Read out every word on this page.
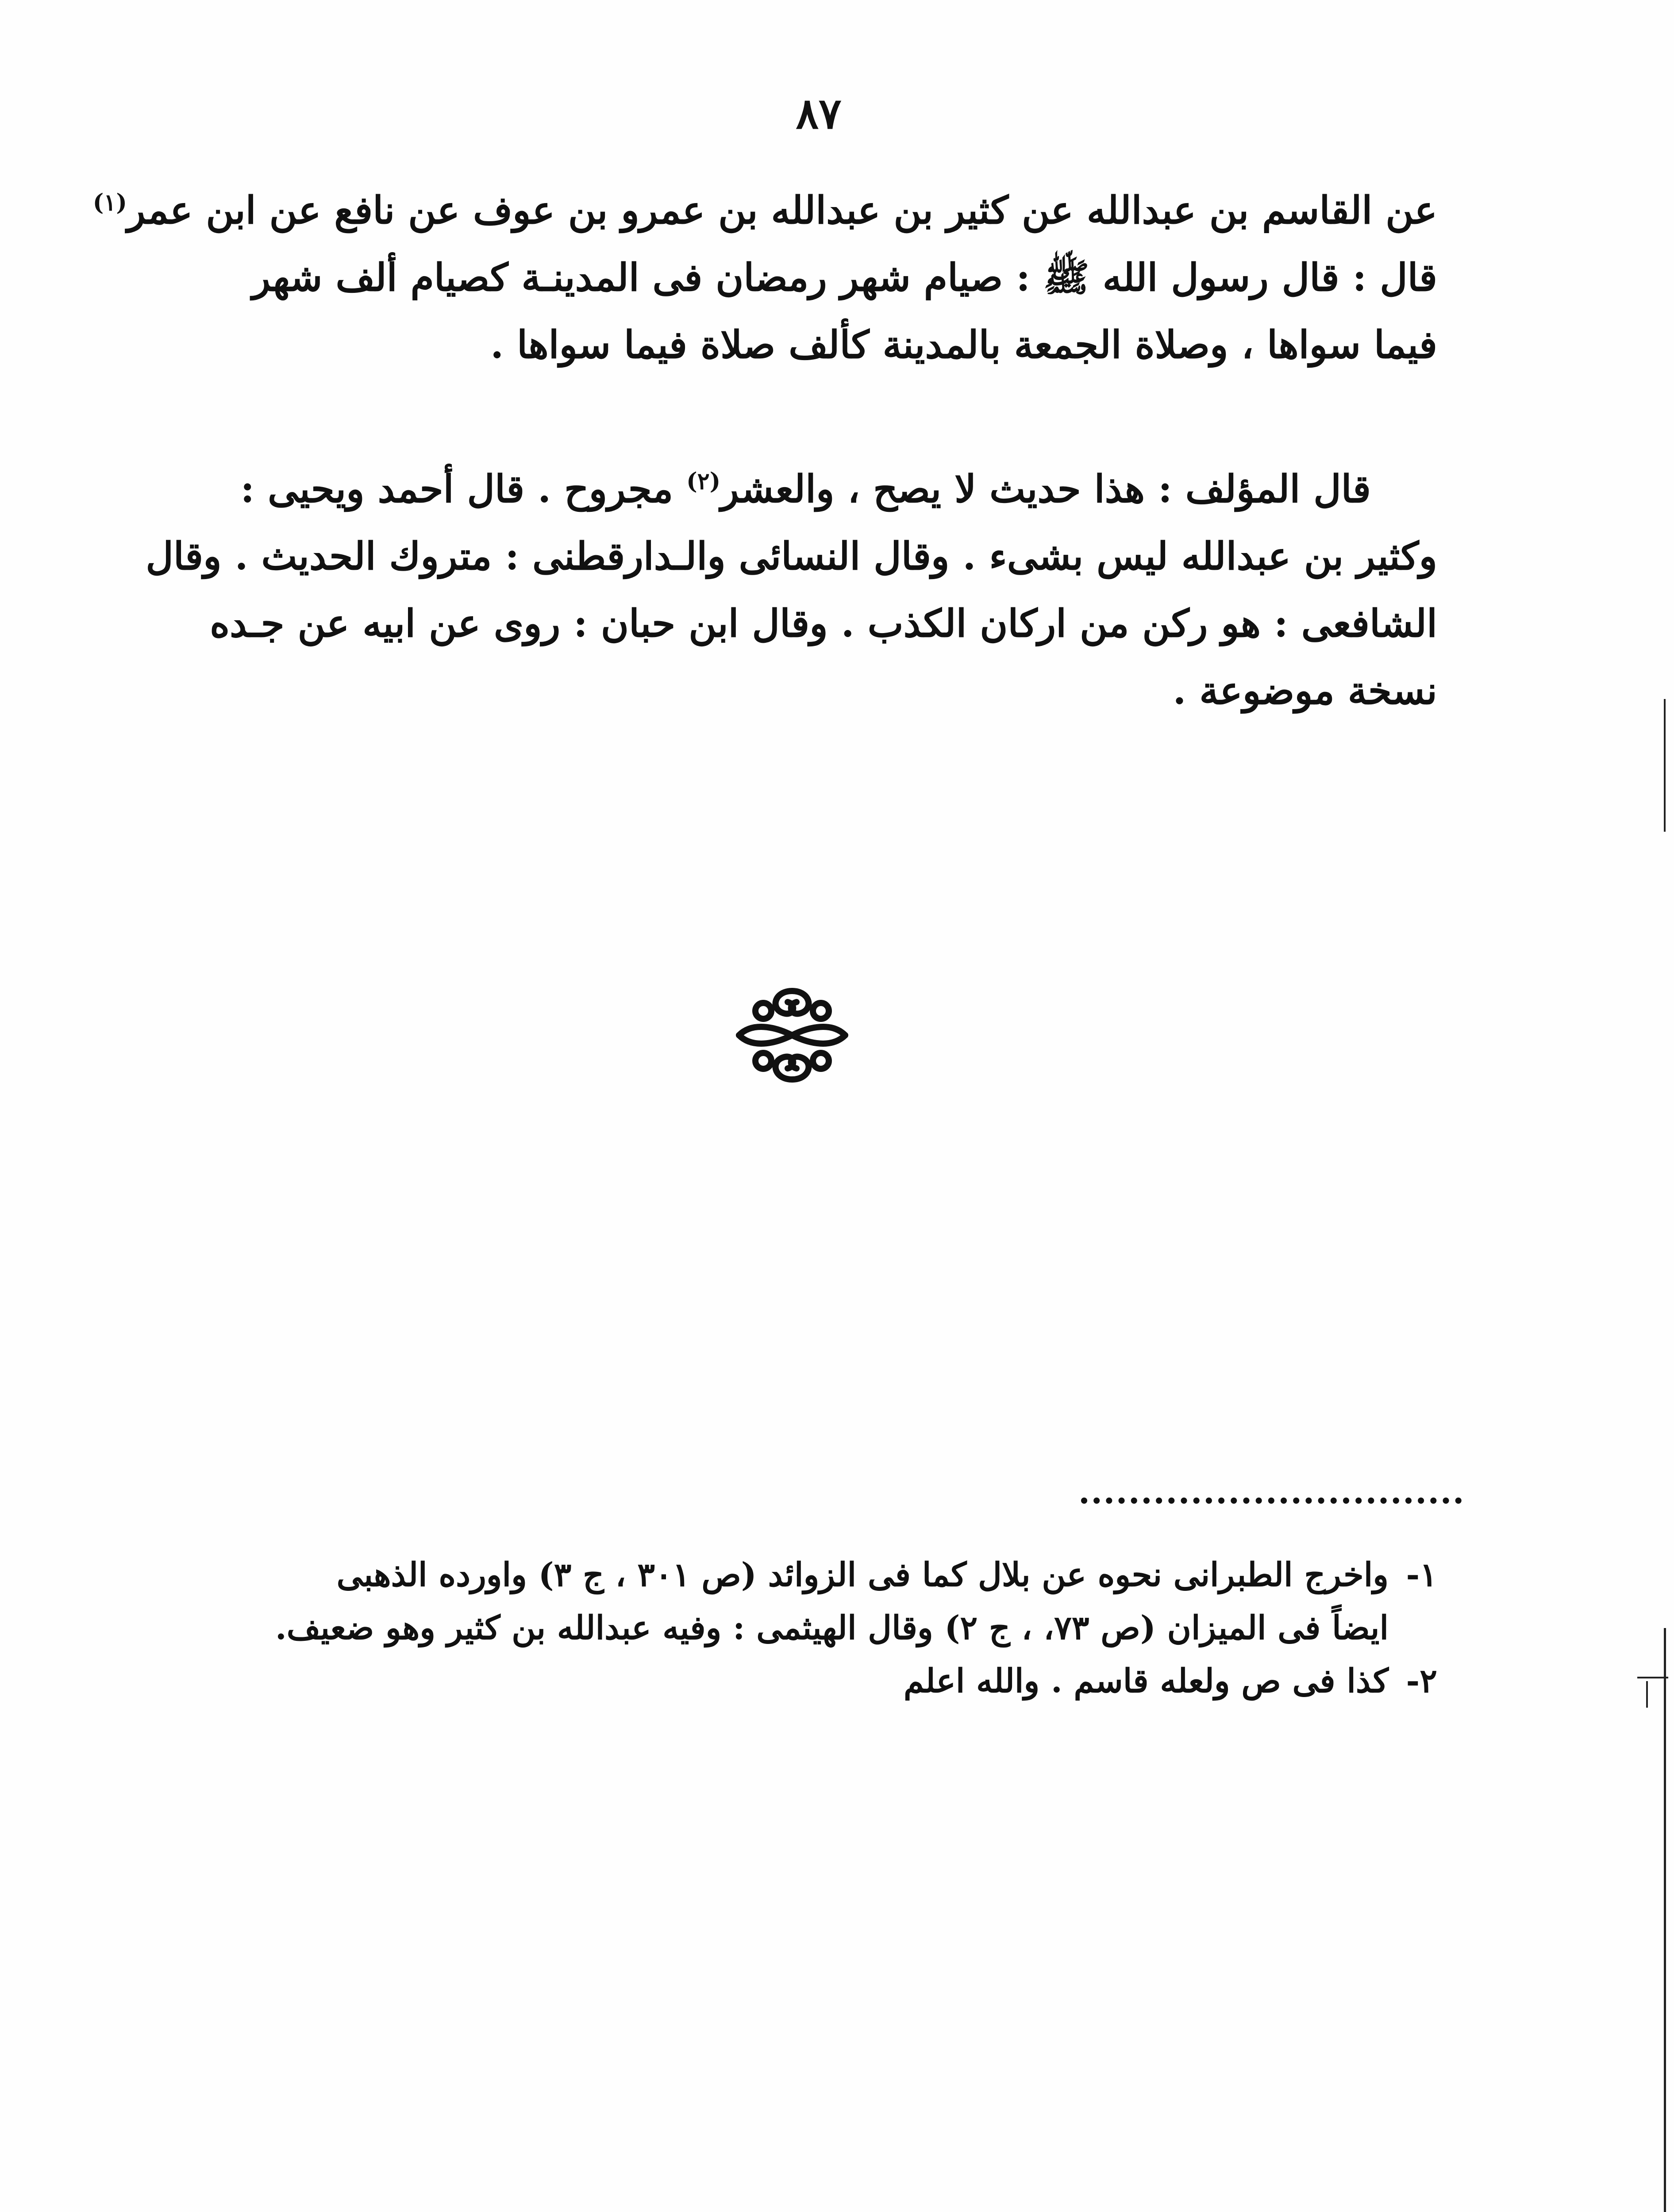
٨٧
عن القاسم بن عبدالله عن كثير بن عبدالله بن عمرو بن عوف عن نافع عن ابن عمر$^{(١)}$
قال : قال رسول الله ﷺ : صيام شهر رمضان فى المدينـة كصيام ألف شهر
فيما سواها ، وصلاة الجمعة بالمدينة كألف صلاة فيما سواها .
قال المؤلف : هذا حديث لا يصح ، والعشر$^{(٢)}$ مجروح . قال أحمد ويحيى :
وكثير بن عبدالله ليس بشىء . وقال النسائى والـدارقطنى : متروك الحديث . وقال
الشافعى : هو ركن من اركان الكذب . وقال ابن حبان : روى عن ابيه عن جـده
نسخة موضوعة .
١-واخرج الطبرانى نحوه عن بلال كما فى الزوائد (ص ٣٠١ ، ج ٣) واورده الذهبى
ايضاً فى الميزان (ص ٧٣، ، ج ٢) وقال الهيثمى : وفيه عبدالله بن كثير وهو ضعيف.
٢-كذا فى ص ولعله قاسم . والله اعلم
